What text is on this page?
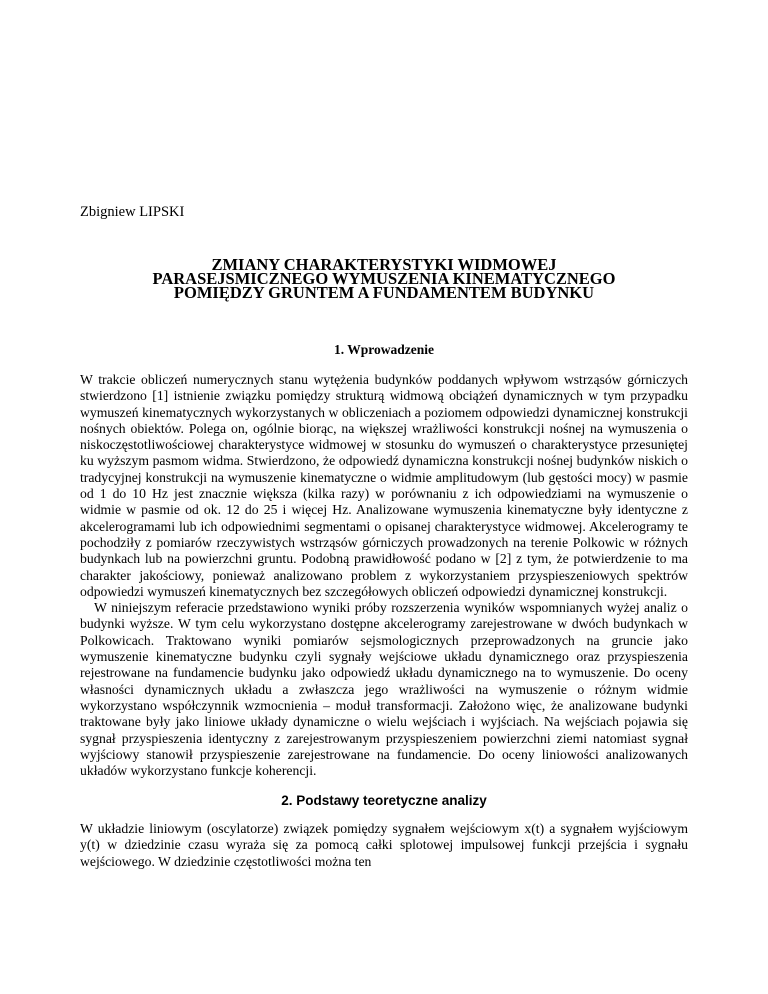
Zbigniew LIPSKI
ZMIANY CHARAKTERYSTYKI WIDMOWEJ
PARASEJSMICZNEGO WYMUSZENIA KINEMATYCZNEGO
POMIĘDZY GRUNTEM A FUNDAMENTEM BUDYNKU
1. Wprowadzenie

W trakcie obliczeń numerycznych stanu wytężenia budynków poddanych wpływom wstrząsów górniczych stwierdzono [1] istnienie związku pomiędzy strukturą widmową obciążeń dynamicznych w tym przypadku wymuszeń kinematycznych wykorzystanych w obliczeniach a poziomem odpowiedzi dynamicznej konstrukcji nośnych obiektów. Polega on, ogólnie biorąc, na większej wrażliwości konstrukcji nośnej na wymuszenia o niskoczęstotliwościowej charakterystyce widmowej w stosunku do wymuszeń o charakterystyce przesuniętej ku wyższym pasmom widma. Stwierdzono, że odpowiedź dynamiczna konstrukcji nośnej budynków niskich o tradycyjnej konstrukcji na wymuszenie kinematyczne o widmie amplitudowym (lub gęstości mocy) w pasmie od 1 do 10 Hz jest znacznie większa (kilka razy) w porównaniu z ich odpowiedziami na wymuszenie o widmie w pasmie od ok. 12 do 25 i więcej Hz. Analizowane wymuszenia kinematyczne były identyczne z akcelerogramami lub ich odpowiednimi segmentami o opisanej charakterystyce widmowej. Akcelerogramy te pochodziły z pomiarów rzeczywistych wstrząsów górniczych prowadzonych na terenie Polkowic w różnych budynkach lub na powierzchni gruntu. Podobną prawidłowość podano w [2] z tym, że potwierdzenie to ma charakter jakościowy, ponieważ analizowano problem z wykorzystaniem przyspieszeniowych spektrów odpowiedzi wymuszeń kinematycznych bez szczegółowych obliczeń odpowiedzi dynamicznej konstrukcji.

W niniejszym referacie przedstawiono wyniki próby rozszerzenia wyników wspomnianych wyżej analiz o budynki wyższe. W tym celu wykorzystano dostępne akcelerogramy zarejestrowane w dwóch budynkach w Polkowicach. Traktowano wyniki pomiarów sejsmologicznych przeprowadzonych na gruncie jako wymuszenie kinematyczne budynku czyli sygnały wejściowe układu dynamicznego oraz przyspieszenia rejestrowane na fundamencie budynku jako odpowiedź układu dynamicznego na to wymuszenie. Do oceny własności dynamicznych układu a zwłaszcza jego wrażliwości na wymuszenie o różnym widmie wykorzystano współczynnik wzmocnienia – moduł transformacji. Założono więc, że analizowane budynki traktowane były jako liniowe układy dynamiczne o wielu wejściach i wyjściach. Na wejściach pojawia się sygnał przyspieszenia identyczny z zarejestrowanym przyspieszeniem powierzchni ziemi natomiast sygnał wyjściowy stanowił przyspieszenie zarejestrowane na fundamencie. Do oceny liniowości analizowanych układów wykorzystano funkcje koherencji.

2. Podstawy teoretyczne analizy

W układzie liniowym (oscylatorze) związek pomiędzy sygnałem wejściowym x(t) a sygnałem wyjściowym y(t) w dziedzinie czasu wyraża się za pomocą całki splotowej impulsowej funkcji przejścia i sygnału wejściowego. W dziedzinie częstotliwości można ten
